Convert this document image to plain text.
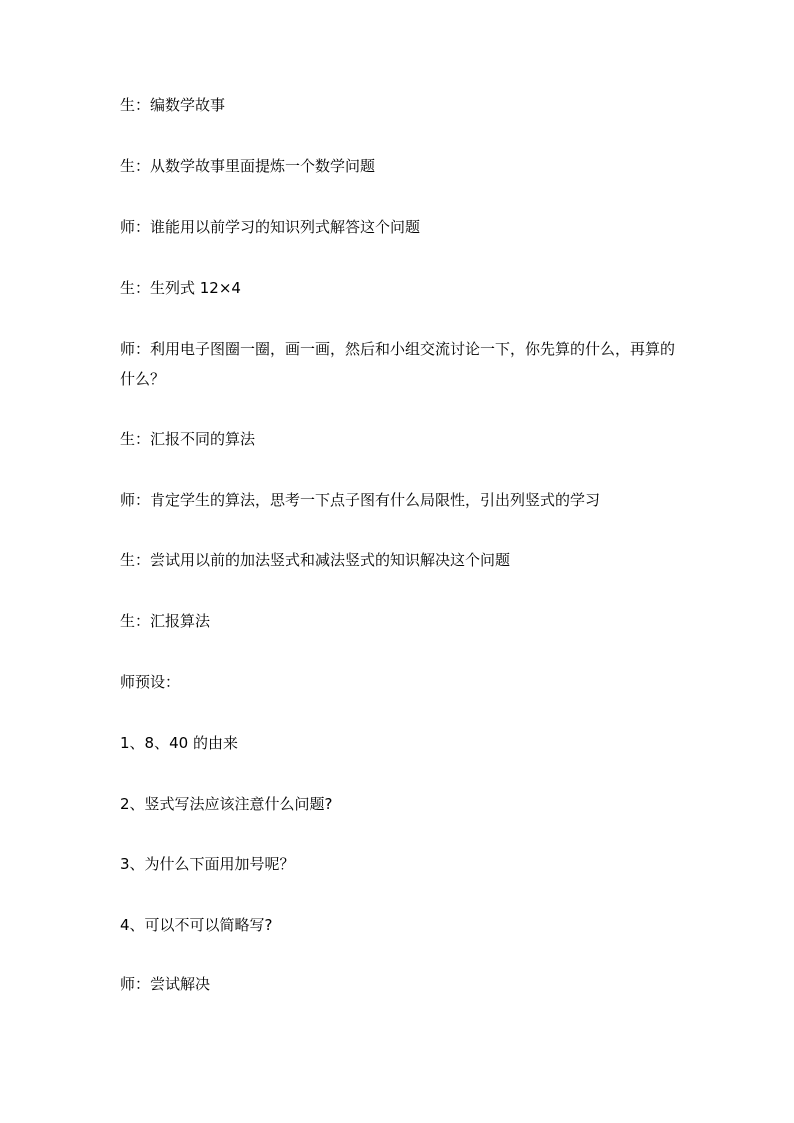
生：编数学故事

生：从数学故事里面提炼一个数学问题

师：谁能用以前学习的知识列式解答这个问题

生：生列式 12×4

师：利用电子图圈一圈，画一画，然后和小组交流讨论一下，你先算的什么，再算的什么？

生：汇报不同的算法

师：肯定学生的算法，思考一下点子图有什么局限性，引出列竖式的学习

生：尝试用以前的加法竖式和减法竖式的知识解决这个问题

生：汇报算法

师预设：

1、8、40 的由来

2、竖式写法应该注意什么问题?

3、为什么下面用加号呢？

4、可以不可以简略写?

师：尝试解决
